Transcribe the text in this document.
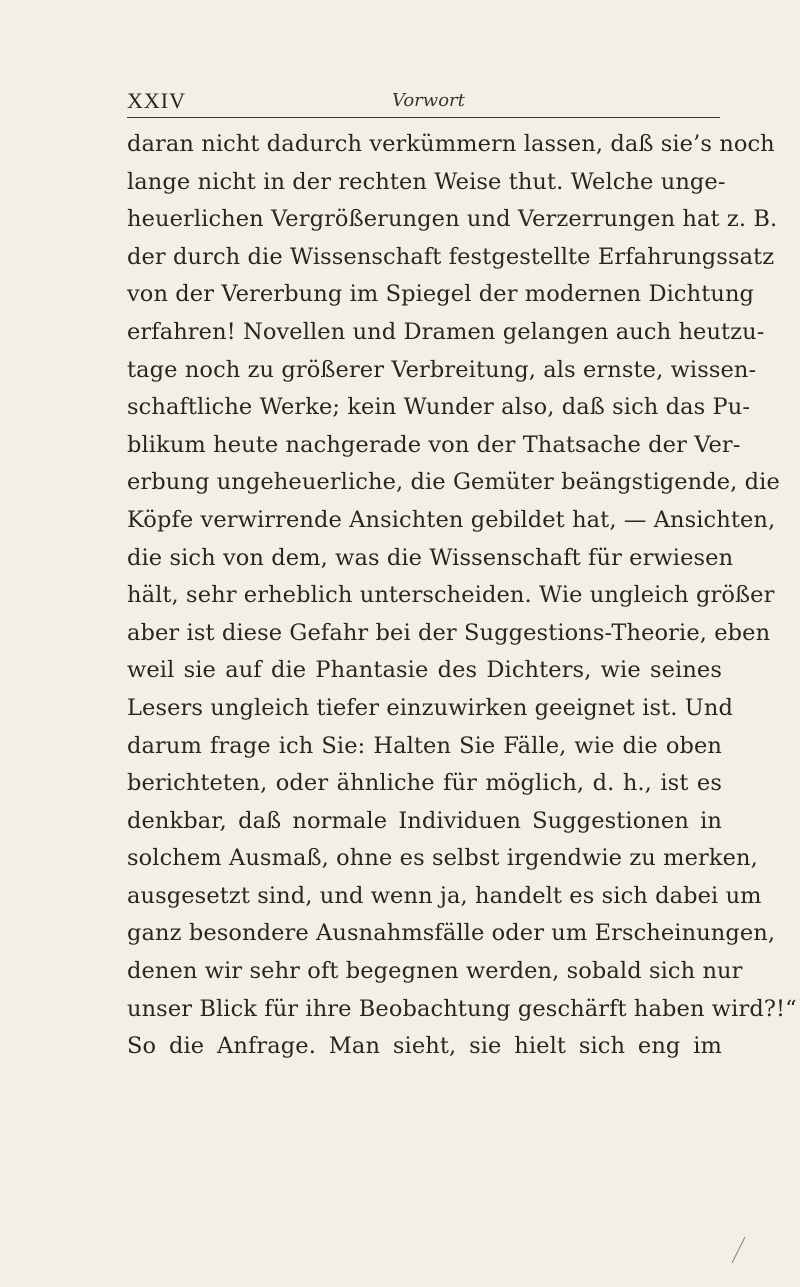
XXIV	Vorwort
daran nicht dadurch verkümmern lassen, daß sie’s noch
lange nicht in der rechten Weise thut. Welche unge-
heuerlichen Vergrößerungen und Verzerrungen hat z. B.
der durch die Wissenschaft festgestellte Erfahrungssatz
von der Vererbung im Spiegel der modernen Dichtung
erfahren! Novellen und Dramen gelangen auch heutzu-
tage noch zu größerer Verbreitung, als ernste, wissen-
schaftliche Werke; kein Wunder also, daß sich das Pu-
blikum heute nachgerade von der Thatsache der Ver-
erbung ungeheuerliche, die Gemüter beängstigende, die
Köpfe verwirrende Ansichten gebildet hat, — Ansichten,
die sich von dem, was die Wissenschaft für erwiesen
hält, sehr erheblich unterscheiden. Wie ungleich größer
aber ist diese Gefahr bei der Suggestions-Theorie, eben
weil sie auf die Phantasie des Dichters, wie seines
Lesers ungleich tiefer einzuwirken geeignet ist. Und
darum frage ich Sie: Halten Sie Fälle, wie die oben
berichteten, oder ähnliche für möglich, d. h., ist es
denkbar, daß normale Individuen Suggestionen in
solchem Ausmaß, ohne es selbst irgendwie zu merken,
ausgesetzt sind, und wenn ja, handelt es sich dabei um
ganz besondere Ausnahmsfälle oder um Erscheinungen,
denen wir sehr oft begegnen werden, sobald sich nur
unser Blick für ihre Beobachtung geschärft haben wird?!“
So die Anfrage. Man sieht, sie hielt sich eng im
